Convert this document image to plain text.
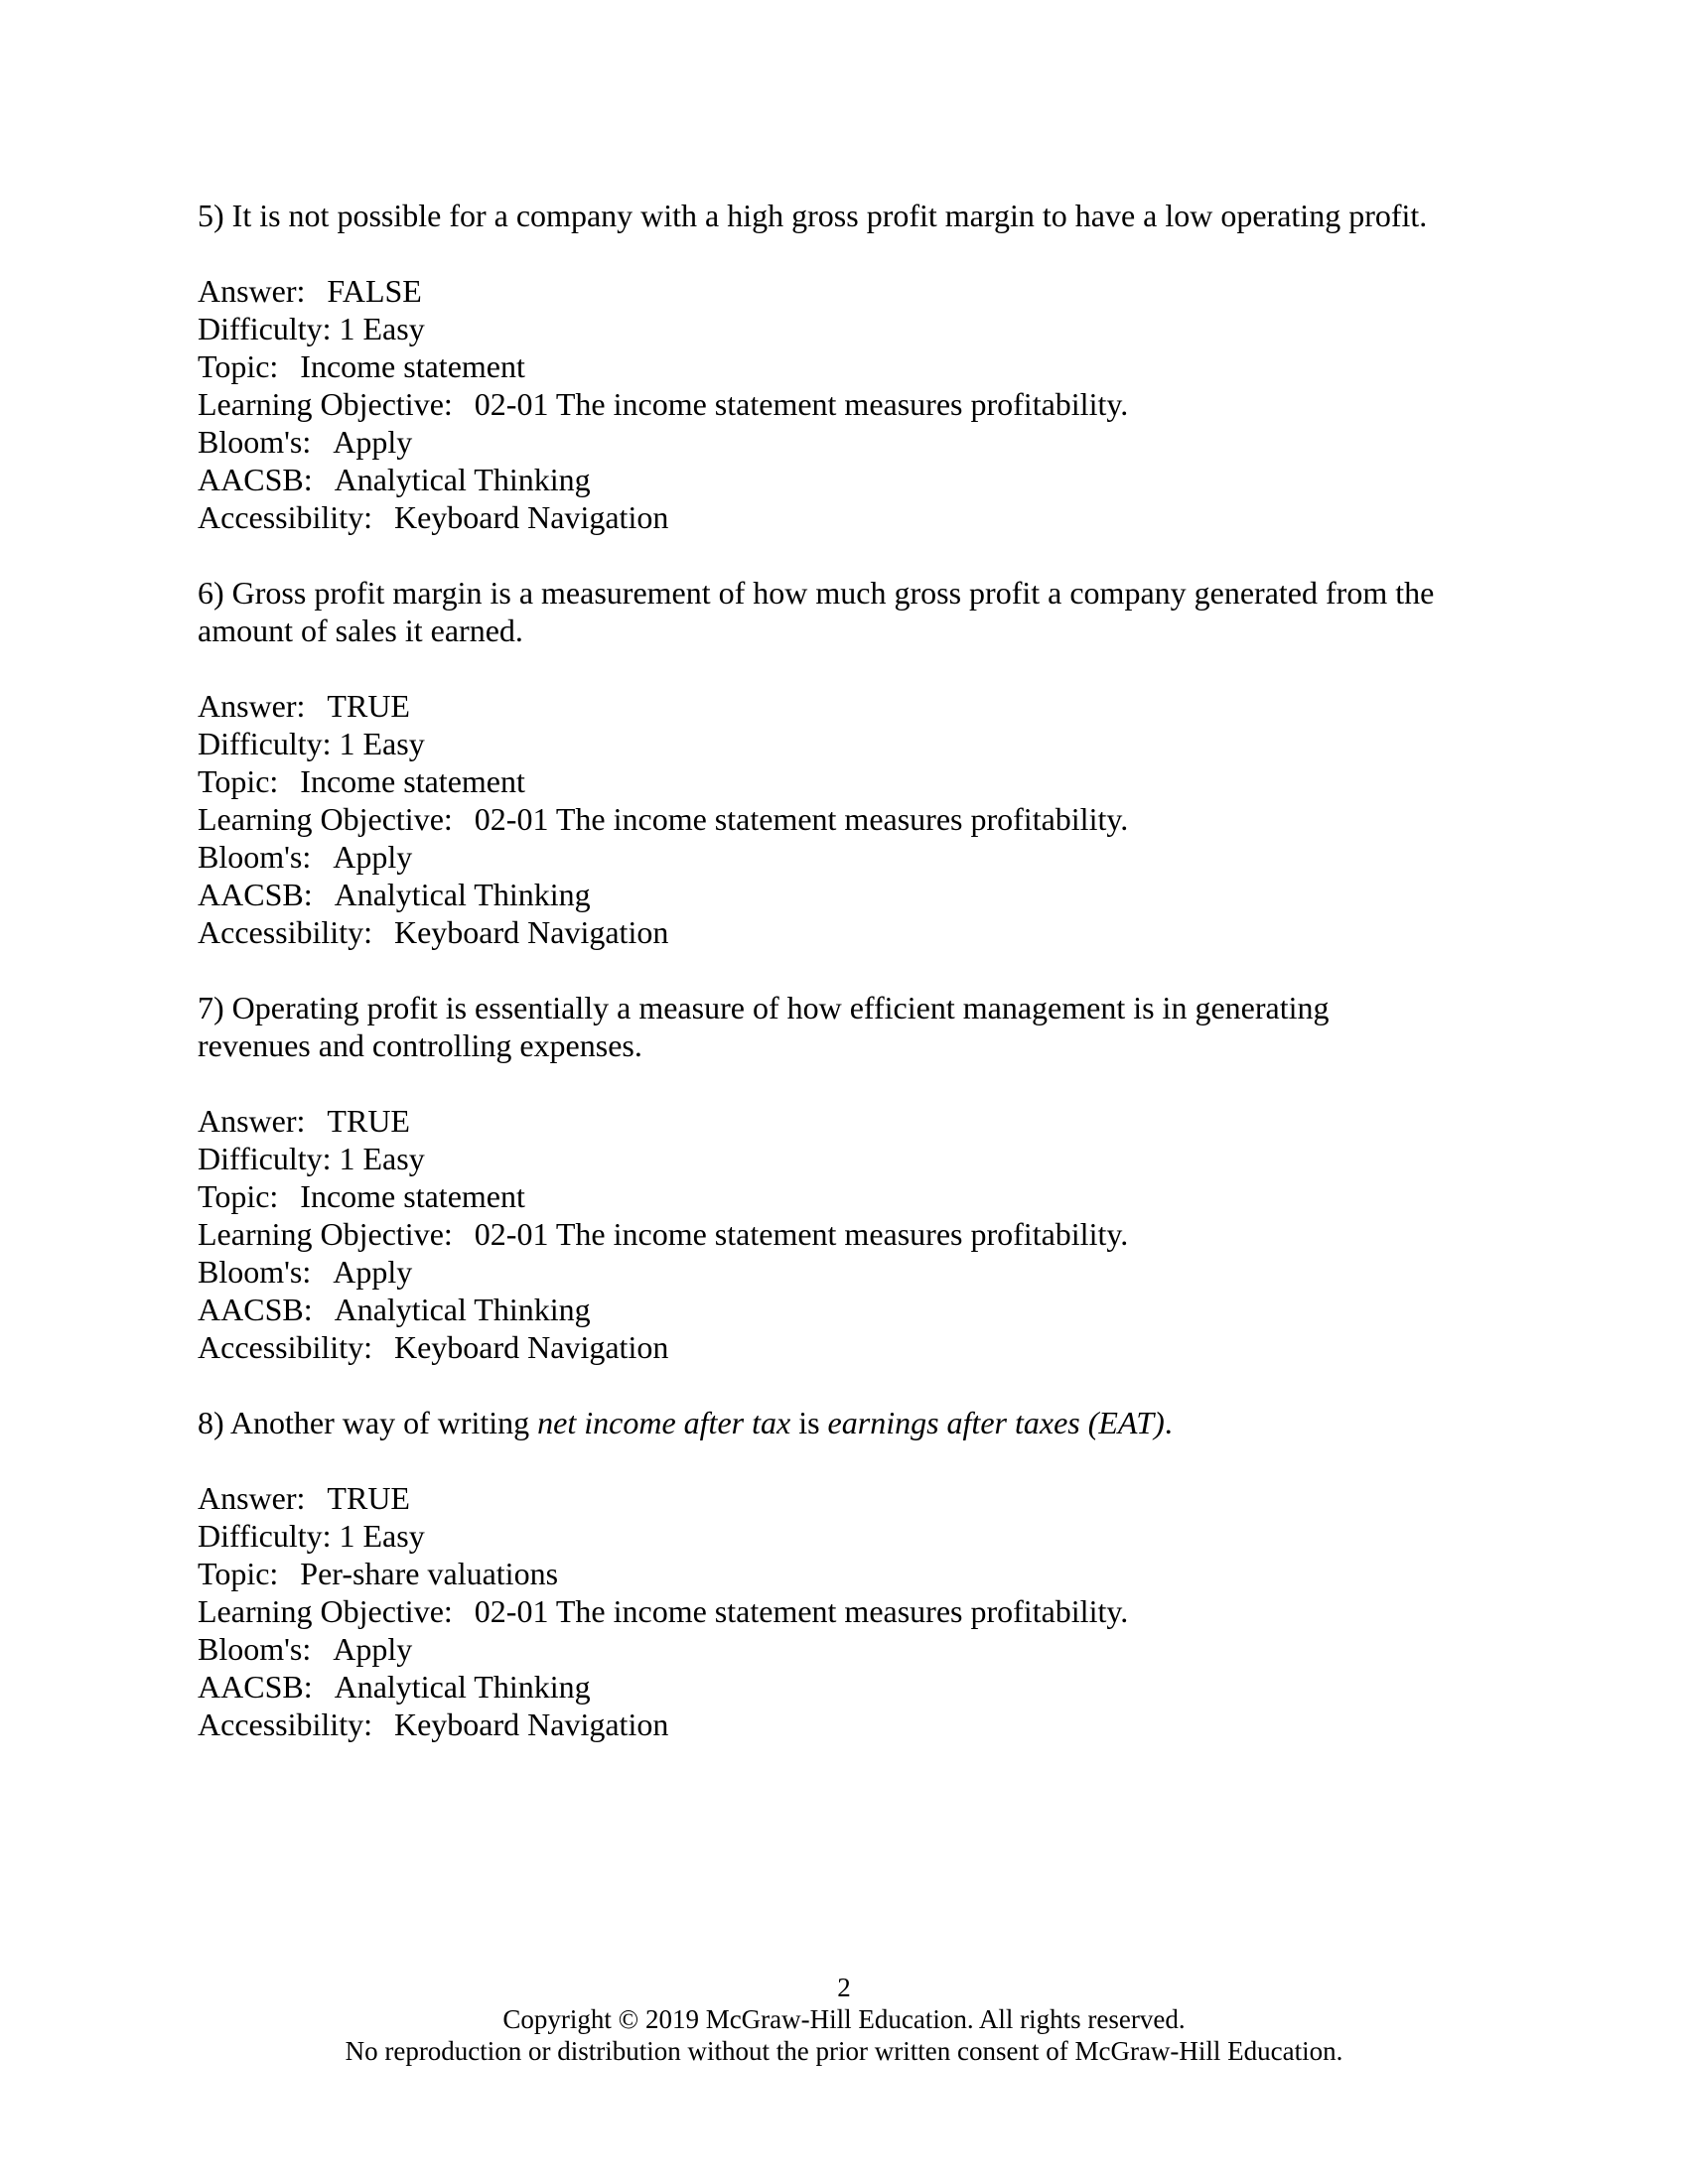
5) It is not possible for a company with a high gross profit margin to have a low operating profit.
Answer: FALSE
Difficulty: 1 Easy
Topic: Income statement
Learning Objective: 02-01 The income statement measures profitability.
Bloom's: Apply
AACSB: Analytical Thinking
Accessibility: Keyboard Navigation
6) Gross profit margin is a measurement of how much gross profit a company generated from the
amount of sales it earned.
Answer: TRUE
Difficulty: 1 Easy
Topic: Income statement
Learning Objective: 02-01 The income statement measures profitability.
Bloom's: Apply
AACSB: Analytical Thinking
Accessibility: Keyboard Navigation
7) Operating profit is essentially a measure of how efficient management is in generating
revenues and controlling expenses.
Answer: TRUE
Difficulty: 1 Easy
Topic: Income statement
Learning Objective: 02-01 The income statement measures profitability.
Bloom's: Apply
AACSB: Analytical Thinking
Accessibility: Keyboard Navigation
8) Another way of writing net income after tax is earnings after taxes (EAT).
Answer: TRUE
Difficulty: 1 Easy
Topic: Per-share valuations
Learning Objective: 02-01 The income statement measures profitability.
Bloom's: Apply
AACSB: Analytical Thinking
Accessibility: Keyboard Navigation
2
Copyright © 2019 McGraw-Hill Education. All rights reserved.
No reproduction or distribution without the prior written consent of McGraw-Hill Education.
